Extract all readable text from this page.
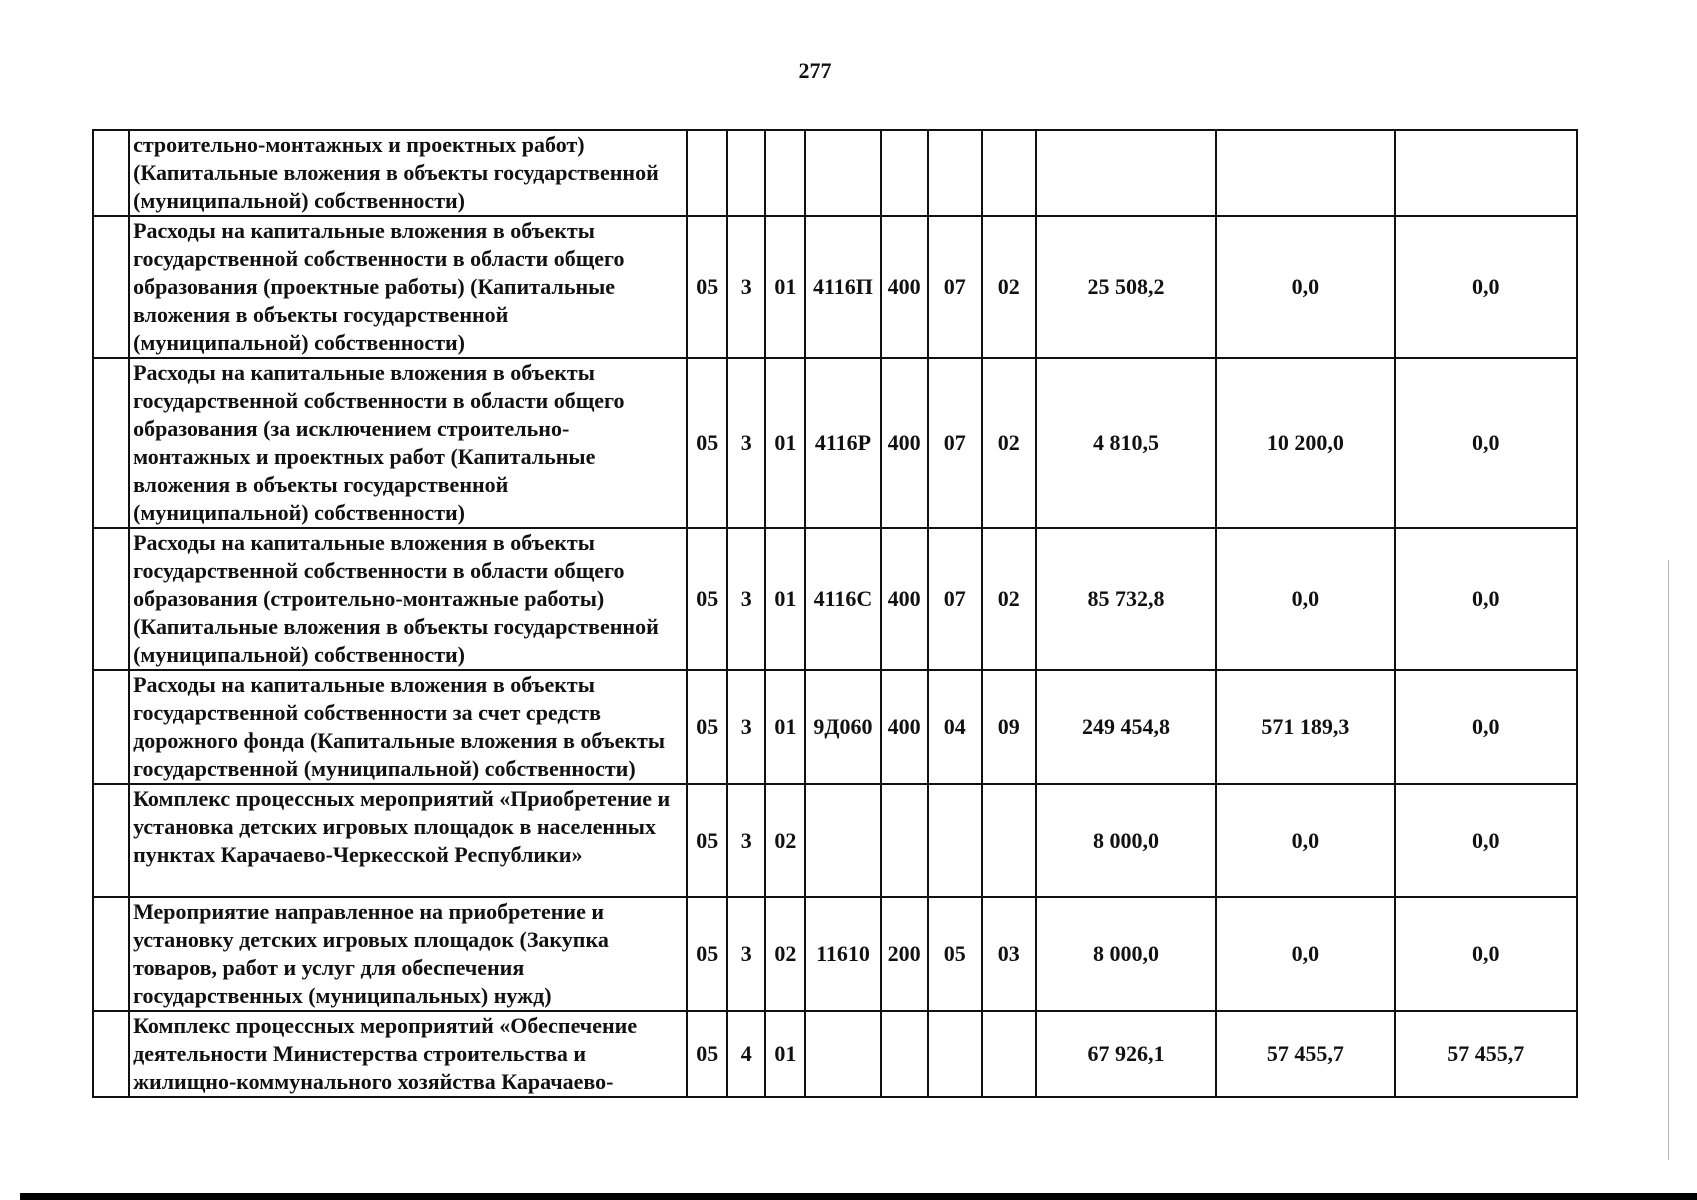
277
	строительно-монтажных и проектных работ) (Капитальные вложения в объекты государственной (муниципальной) собственности)										
	Расходы на капитальные вложения в объекты государственной собственности в области общего образования (проектные работы) (Капитальные вложения в объекты государственной (муниципальной) собственности)	05	3	01	4116П	400	07	02	25 508,2	0,0	0,0
	Расходы на капитальные вложения в объекты государственной собственности в области общего образования (за исключением строительно-монтажных и проектных работ (Капитальные вложения в объекты государственной (муниципальной) собственности)	05	3	01	4116Р	400	07	02	4 810,5	10 200,0	0,0
	Расходы на капитальные вложения в объекты государственной собственности в области общего образования (строительно-монтажные работы) (Капитальные вложения в объекты государственной (муниципальной) собственности)	05	3	01	4116С	400	07	02	85 732,8	0,0	0,0
	Расходы на капитальные вложения в объекты государственной собственности за счет средств дорожного фонда (Капитальные вложения в объекты государственной (муниципальной) собственности)	05	3	01	9Д060	400	04	09	249 454,8	571 189,3	0,0
	Комплекс процессных мероприятий «Приобретение и установка детских игровых площадок в населенных пунктах Карачаево-Черкесской Республики»	05	3	02					8 000,0	0,0	0,0
	Мероприятие направленное на приобретение и установку детских игровых площадок (Закупка товаров, работ и услуг для обеспечения государственных (муниципальных) нужд)	05	3	02	11610	200	05	03	8 000,0	0,0	0,0
	Комплекс процессных мероприятий «Обеспечение деятельности Министерства строительства и жилищно-коммунального хозяйства Карачаево-	05	4	01					67 926,1	57 455,7	57 455,7
